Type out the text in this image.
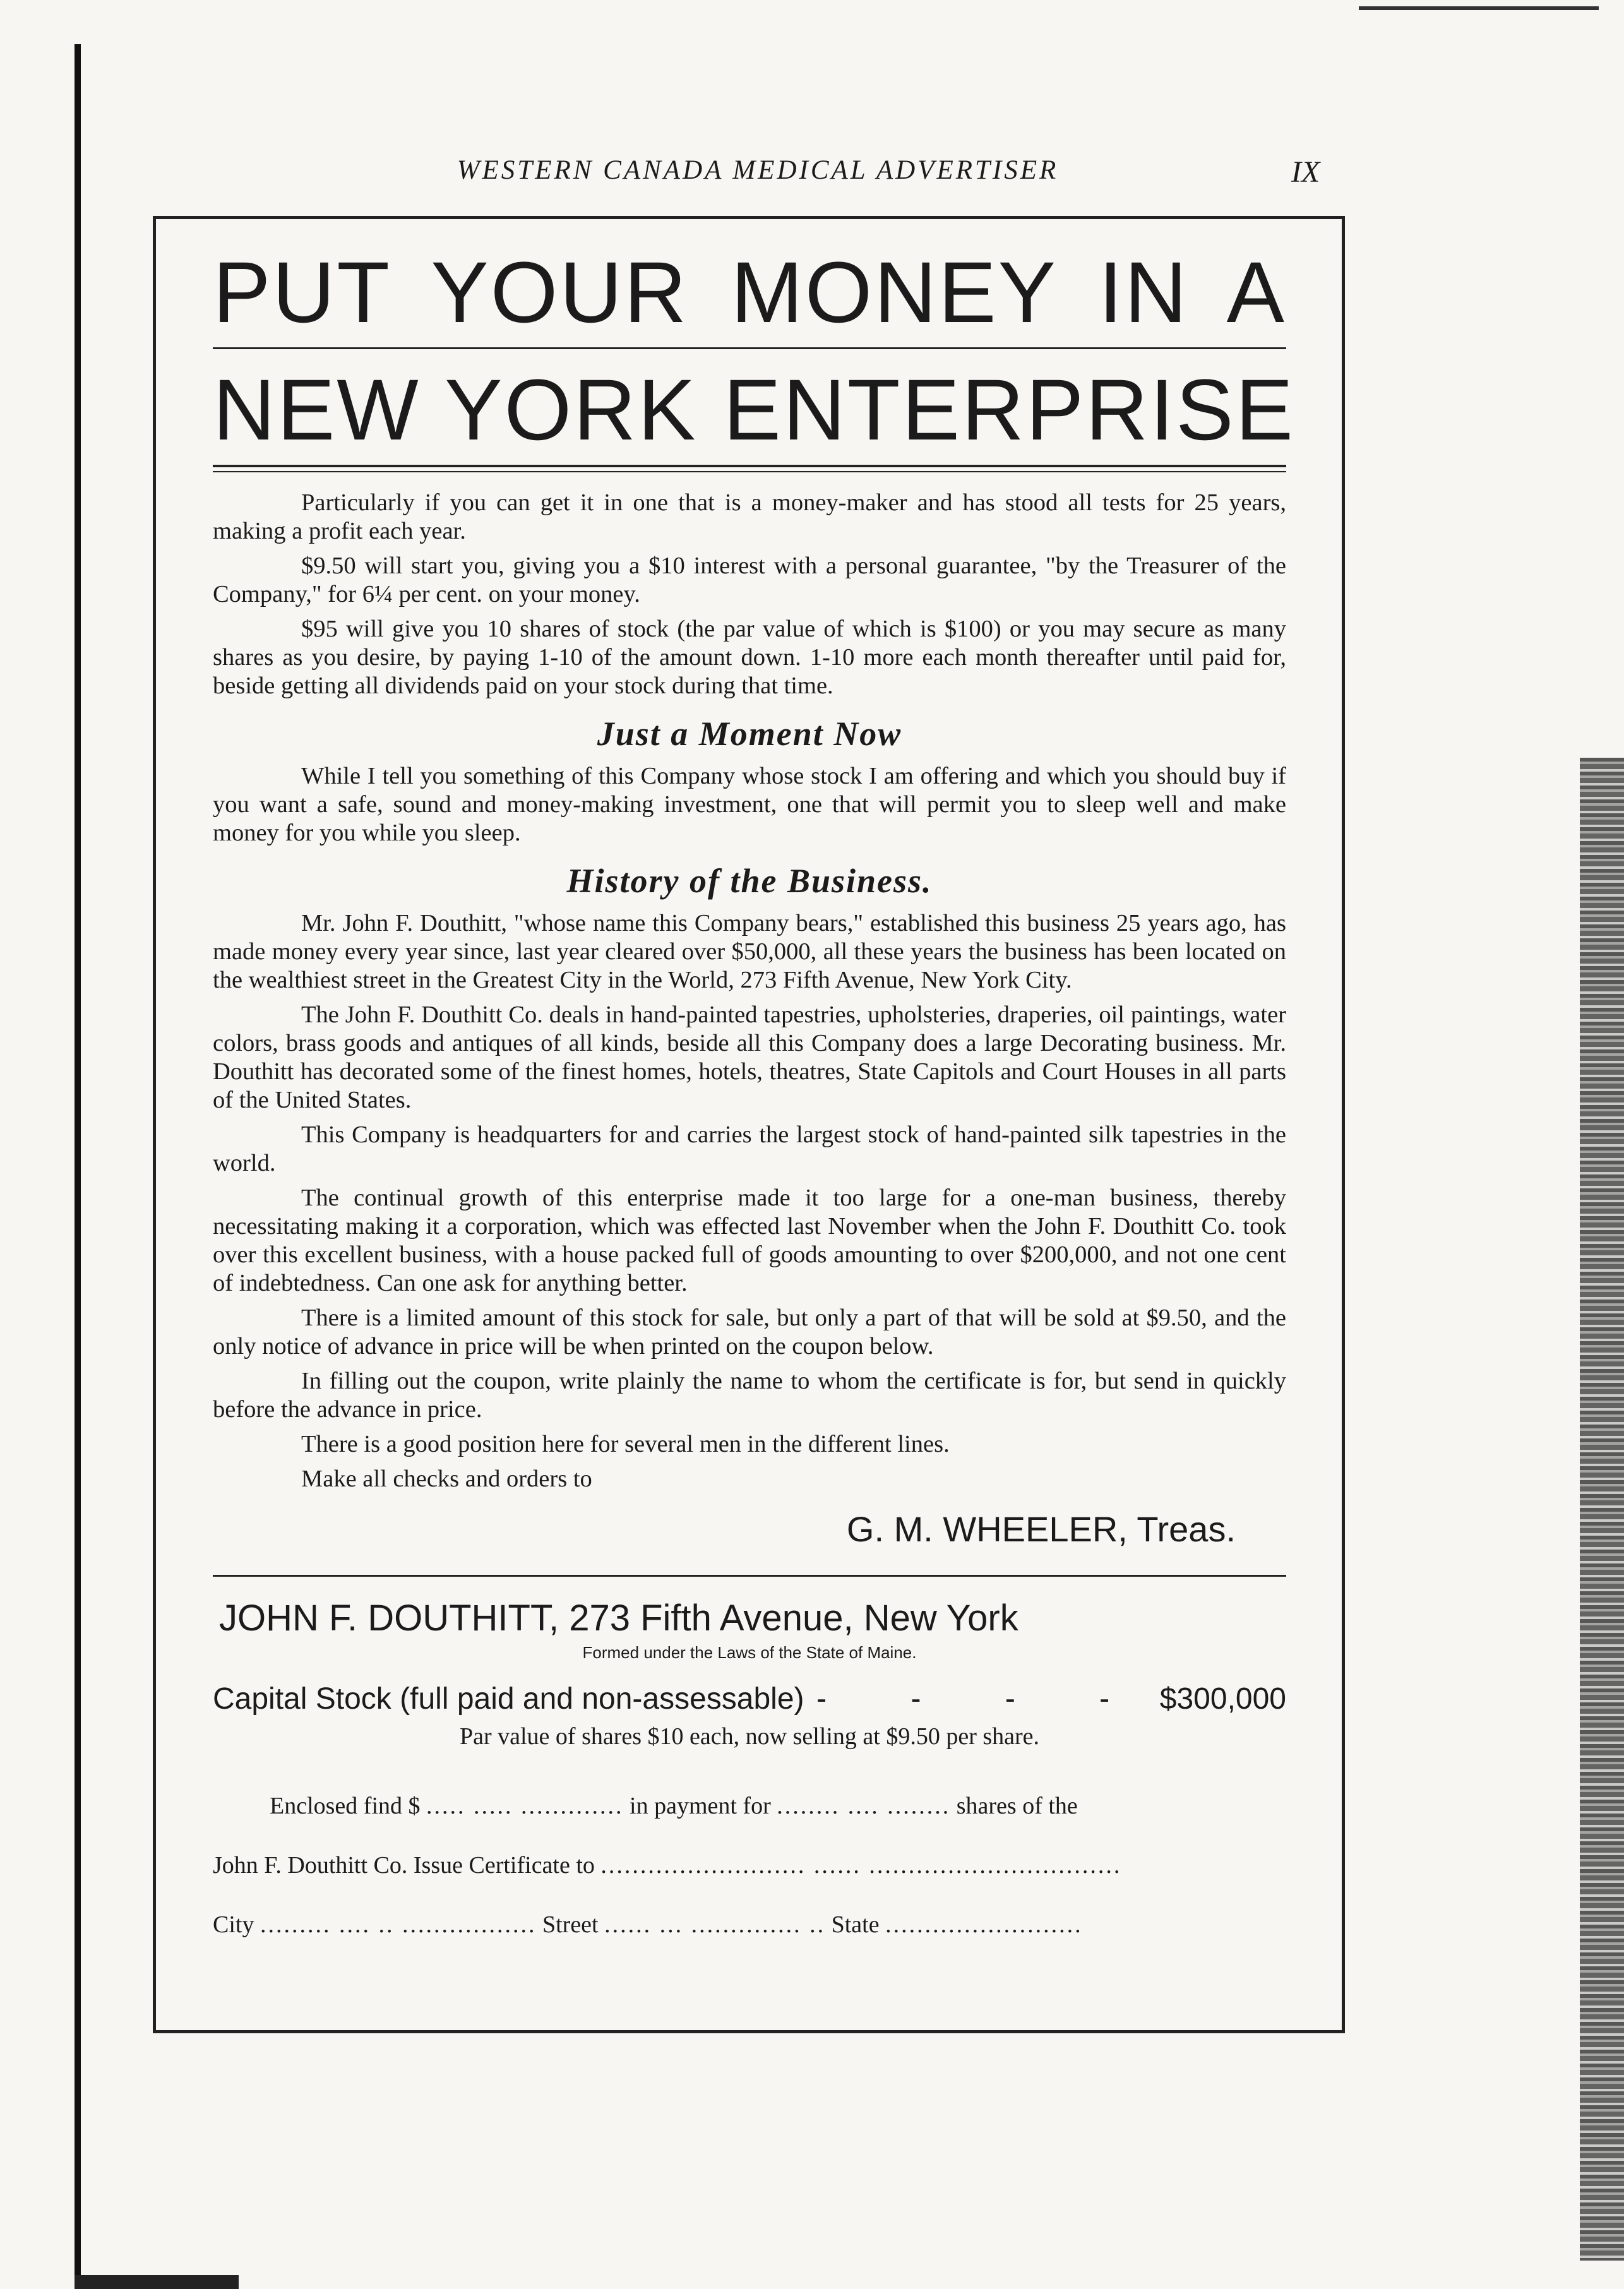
WESTERN CANADA MEDICAL ADVERTISER	IX

PUT YOUR MONEY IN A

NEW YORK ENTERPRISE

Particularly if you can get it in one that is a money-maker and has stood all tests for 25 years, making a profit each year.

$9.50 will start you, giving you a $10 interest with a personal guarantee, "by the Treasurer of the Company," for 6¼ per cent. on your money.

$95 will give you 10 shares of stock (the par value of which is $100) or you may secure as many shares as you desire, by paying 1-10 of the amount down. 1-10 more each month thereafter until paid for, beside getting all dividends paid on your stock during that time.

Just a Moment Now

While I tell you something of this Company whose stock I am offering and which you should buy if you want a safe, sound and money-making investment, one that will permit you to sleep well and make money for you while you sleep.

History of the Business.

Mr. John F. Douthitt, "whose name this Company bears," established this business 25 years ago, has made money every year since, last year cleared over $50,000, all these years the business has been located on the wealthiest street in the Greatest City in the World, 273 Fifth Avenue, New York City.

The John F. Douthitt Co. deals in hand-painted tapestries, upholsteries, draperies, oil paintings, water colors, brass goods and antiques of all kinds, beside all this Company does a large Decorating business. Mr. Douthitt has decorated some of the finest homes, hotels, theatres, State Capitols and Court Houses in all parts of the United States.

This Company is headquarters for and carries the largest stock of hand-painted silk tapestries in the world.

The continual growth of this enterprise made it too large for a one-man business, thereby necessitating making it a corporation, which was effected last November when the John F. Douthitt Co. took over this excellent business, with a house packed full of goods amounting to over $200,000, and not one cent of indebtedness. Can one ask for anything better.

There is a limited amount of this stock for sale, but only a part of that will be sold at $9.50, and the only notice of advance in price will be when printed on the coupon below.

In filling out the coupon, write plainly the name to whom the certificate is for, but send in quickly before the advance in price.

There is a good position here for several men in the different lines.

Make all checks and orders to

G. M. WHEELER, Treas.
JOHN F. DOUTHITT, 273 Fifth Avenue, New York
Formed under the Laws of the State of Maine.
Capital Stock (full paid and non-assessable) - - - - $300,000
Par value of shares $10 each, now selling at $9.50 per share.
Enclosed find $ ..... ..... ............. in payment for ........ .... ........ shares of the
John F. Douthitt Co. Issue Certificate to .......................... ...... ................................
City ......... .... .. ................. Street ...... ... .............. .. State .........................
